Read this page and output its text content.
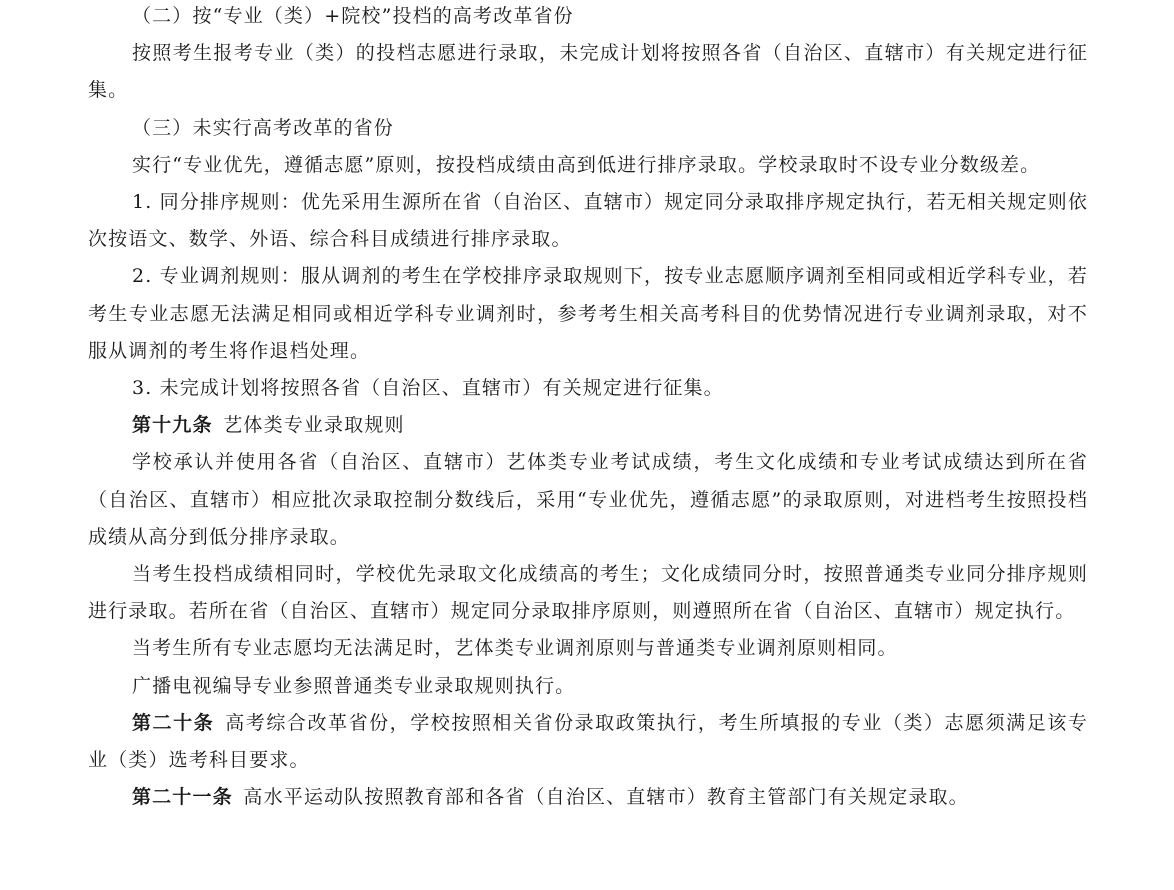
（二）按“专业（类）+院校”投档的高考改革省份

按照考生报考专业（类）的投档志愿进行录取，未完成计划将按照各省（自治区、直辖市）有关规定进行征集。

（三）未实行高考改革的省份

实行“专业优先，遵循志愿”原则，按投档成绩由高到低进行排序录取。学校录取时不设专业分数级差。

1. 同分排序规则：优先采用生源所在省（自治区、直辖市）规定同分录取排序规定执行，若无相关规定则依次按语文、数学、外语、综合科目成绩进行排序录取。

2. 专业调剂规则：服从调剂的考生在学校排序录取规则下，按专业志愿顺序调剂至相同或相近学科专业，若考生专业志愿无法满足相同或相近学科专业调剂时，参考考生相关高考科目的优势情况进行专业调剂录取，对不服从调剂的考生将作退档处理。

3. 未完成计划将按照各省（自治区、直辖市）有关规定进行征集。

第十九条  艺体类专业录取规则

学校承认并使用各省（自治区、直辖市）艺体类专业考试成绩，考生文化成绩和专业考试成绩达到所在省（自治区、直辖市）相应批次录取控制分数线后，采用“专业优先，遵循志愿”的录取原则，对进档考生按照投档成绩从高分到低分排序录取。

当考生投档成绩相同时，学校优先录取文化成绩高的考生；文化成绩同分时，按照普通类专业同分排序规则进行录取。若所在省（自治区、直辖市）规定同分录取排序原则，则遵照所在省（自治区、直辖市）规定执行。

当考生所有专业志愿均无法满足时，艺体类专业调剂原则与普通类专业调剂原则相同。

广播电视编导专业参照普通类专业录取规则执行。

第二十条  高考综合改革省份，学校按照相关省份录取政策执行，考生所填报的专业（类）志愿须满足该专业（类）选考科目要求。

第二十一条  高水平运动队按照教育部和各省（自治区、直辖市）教育主管部门有关规定录取。
